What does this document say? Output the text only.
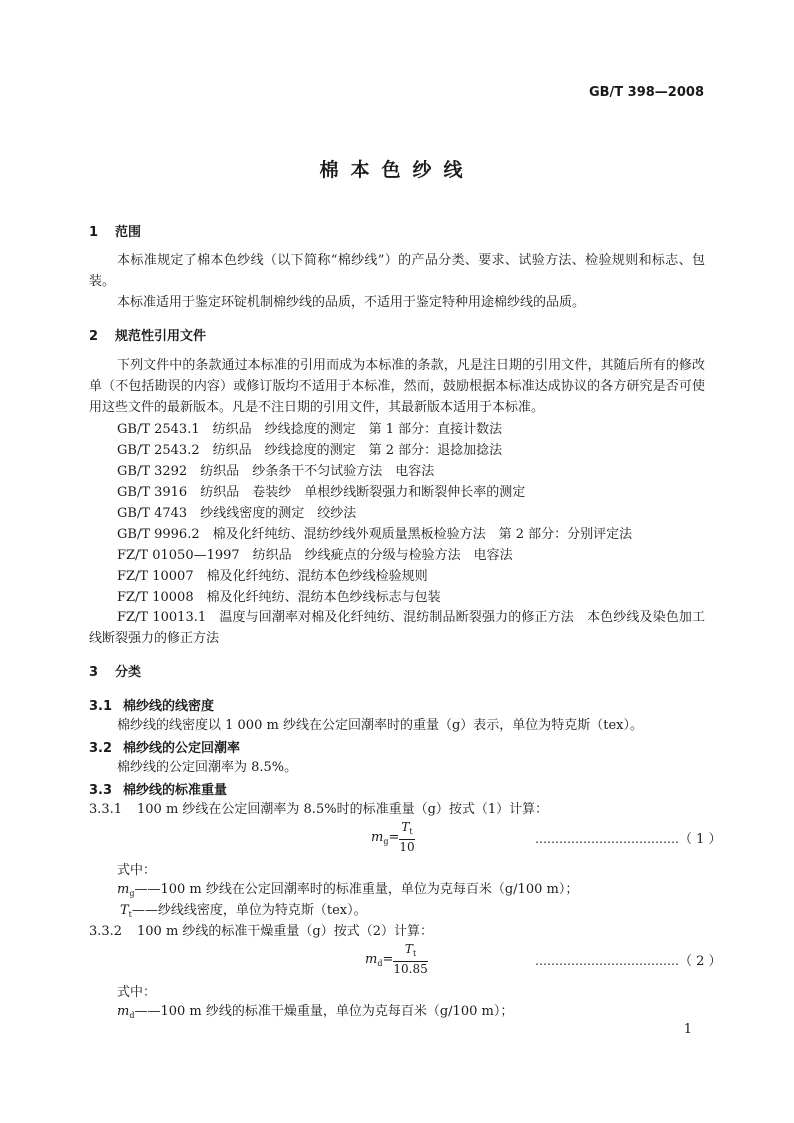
GB/T 398—2008
棉本色纱线
1 范围
本标准规定了棉本色纱线（以下简称“棉纱线”）的产品分类、要求、试验方法、检验规则和标志、包装。
本标准适用于鉴定环锭机制棉纱线的品质，不适用于鉴定特种用途棉纱线的品质。
2 规范性引用文件
下列文件中的条款通过本标准的引用而成为本标准的条款，凡是注日期的引用文件，其随后所有的修改单（不包括勘误的内容）或修订版均不适用于本标准，然而，鼓励根据本标准达成协议的各方研究是否可使用这些文件的最新版本。凡是不注日期的引用文件，其最新版本适用于本标准。
GB/T 2543.1　纺织品　纱线捻度的测定　第 1 部分：直接计数法
GB/T 2543.2　纺织品　纱线捻度的测定　第 2 部分：退捻加捻法
GB/T 3292　纺织品　纱条条干不匀试验方法　电容法
GB/T 3916　纺织品　卷装纱　单根纱线断裂强力和断裂伸长率的测定
GB/T 4743　纱线线密度的测定　绞纱法
GB/T 9996.2　棉及化纤纯纺、混纺纱线外观质量黑板检验方法　第 2 部分：分别评定法
FZ/T 01050—1997　纺织品　纱线疵点的分级与检验方法　电容法
FZ/T 10007　棉及化纤纯纺、混纺本色纱线检验规则
FZ/T 10008　棉及化纤纯纺、混纺本色纱线标志与包装
FZ/T 10013.1　温度与回潮率对棉及化纤纯纺、混纺制品断裂强力的修正方法　本色纱线及染色加工线断裂强力的修正方法
3 分类
3.1 棉纱线的线密度
棉纱线的线密度以 1 000 m 纱线在公定回潮率时的重量（g）表示，单位为特克斯（tex）。
3.2 棉纱线的公定回潮率
棉纱线的公定回潮率为 8.5%。
3.3 棉纱线的标准重量
3.3.1 100 m 纱线在公定回潮率为 8.5%时的标准重量（g）按式（1）计算：
$m_g= \frac{T_t}{10}$	………………………………（ 1 ）
式中：
$m_g——100$ m 纱线在公定回潮率时的标准重量，单位为克每百米（g/100 m）；
$T_t——$纱线线密度，单位为特克斯（tex）。
3.3.2 100 m 纱线的标准干燥重量（g）按式（2）计算：
$m_d= \frac{T_t}{10.85}$	………………………………（ 2 ）
式中：
$m_d——100$ m 纱线的标准干燥重量，单位为克每百米（g/100 m）；
1
